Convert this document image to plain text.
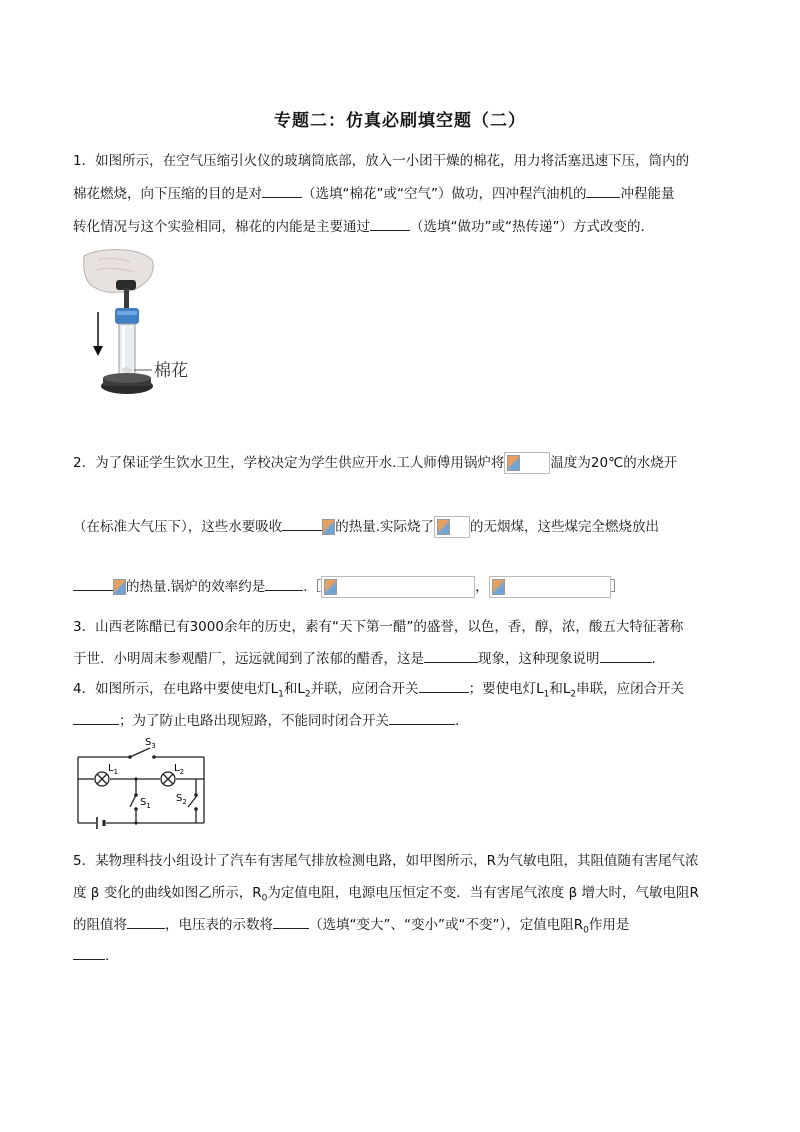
专题二：仿真必刷填空题（二）
1．如图所示，在空气压缩引火仪的玻璃筒底部，放入一小团干燥的棉花，用力将活塞迅速下压，筒内的
棉花燃烧，向下压缩的目的是对	（选填“棉花”或“空气”）做功，四冲程汽油机的	冲程能量
转化情况与这个实验相同，棉花的内能是主要通过	（选填“做功”或“热传递”）方式改变的.
棉花
2．为了保证学生饮水卫生，学校决定为学生供应开水.工人师傅用锅炉将	温度为20℃的水烧开
（在标准大气压下），这些水要吸收	的热量.实际烧了	的无烟煤，这些煤完全燃烧放出
的热量.锅炉的效率约是	.［	，	］
3．山西老陈醋已有3000余年的历史，素有“天下第一醋”的盛誉，以色，香，醇，浓，酸五大特征著称
于世．小明周末参观醋厂，远远就闻到了浓郁的醋香，这是	现象，这种现象说明	.
4．如图所示，在电路中要使电灯$L_1$和$L_2$并联，应闭合开关	；要使电灯$L_1$和$L_2$串联，应闭合开关
；为了防止电路出现短路，不能同时闭合开关	.
$S_3$
$L_1$	$L_2$
$S_1$
$S_2$
5．某物理科技小组设计了汽车有害尾气排放检测电路，如甲图所示，R为气敏电阻，其阻值随有害尾气浓
度 β 变化的曲线如图乙所示，$R_0$为定值电阻，电源电压恒定不变．当有害尾气浓度 β 增大时，气敏电阻R
的阻值将	，电压表的示数将	（选填“变大”、“变小”或“不变”），定值电阻$R_0$作用是
.
